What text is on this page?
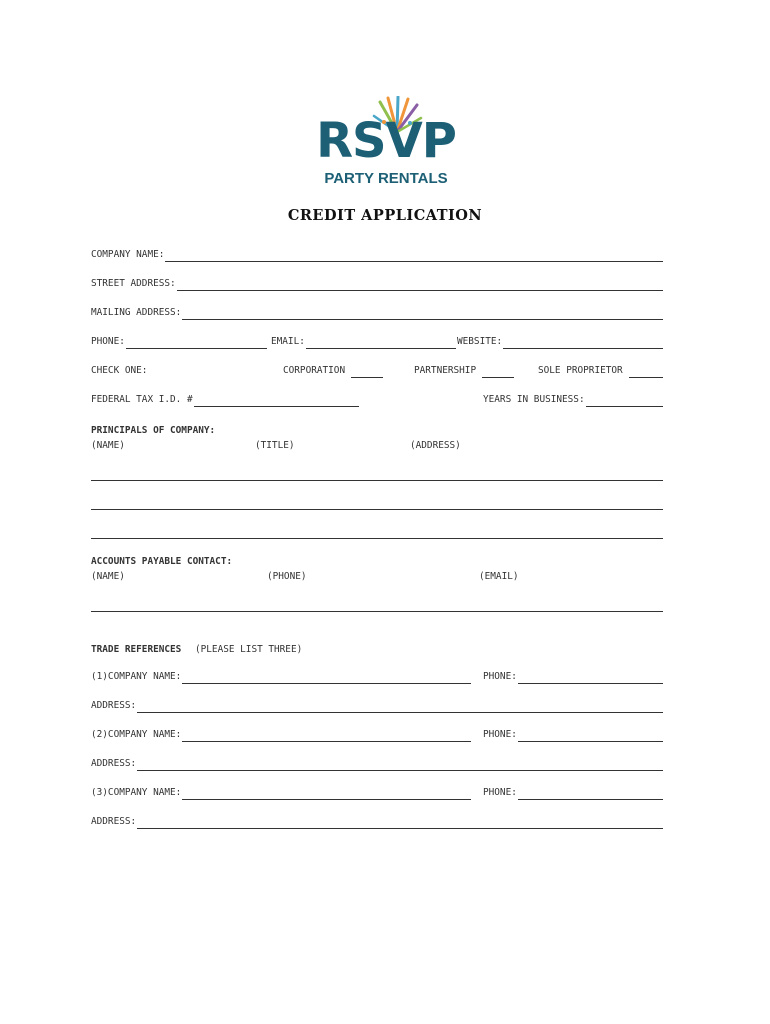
RSVP
PARTY RENTALS
CREDIT APPLICATION
COMPANY NAME:
STREET ADDRESS:
MAILING ADDRESS:
PHONE:	EMAIL:	WEBSITE:
CHECK ONE:	CORPORATION	PARTNERSHIP	SOLE PROPRIETOR
FEDERAL TAX I.D. #	YEARS IN BUSINESS:
PRINCIPALS OF COMPANY:
(NAME)	(TITLE)	(ADDRESS)
ACCOUNTS PAYABLE CONTACT:
(NAME)	(PHONE)	(EMAIL)
TRADE REFERENCES (PLEASE LIST THREE)
(1)COMPANY NAME:	PHONE:
ADDRESS:
(2)COMPANY NAME:	PHONE:
ADDRESS:
(3)COMPANY NAME:	PHONE:
ADDRESS:
